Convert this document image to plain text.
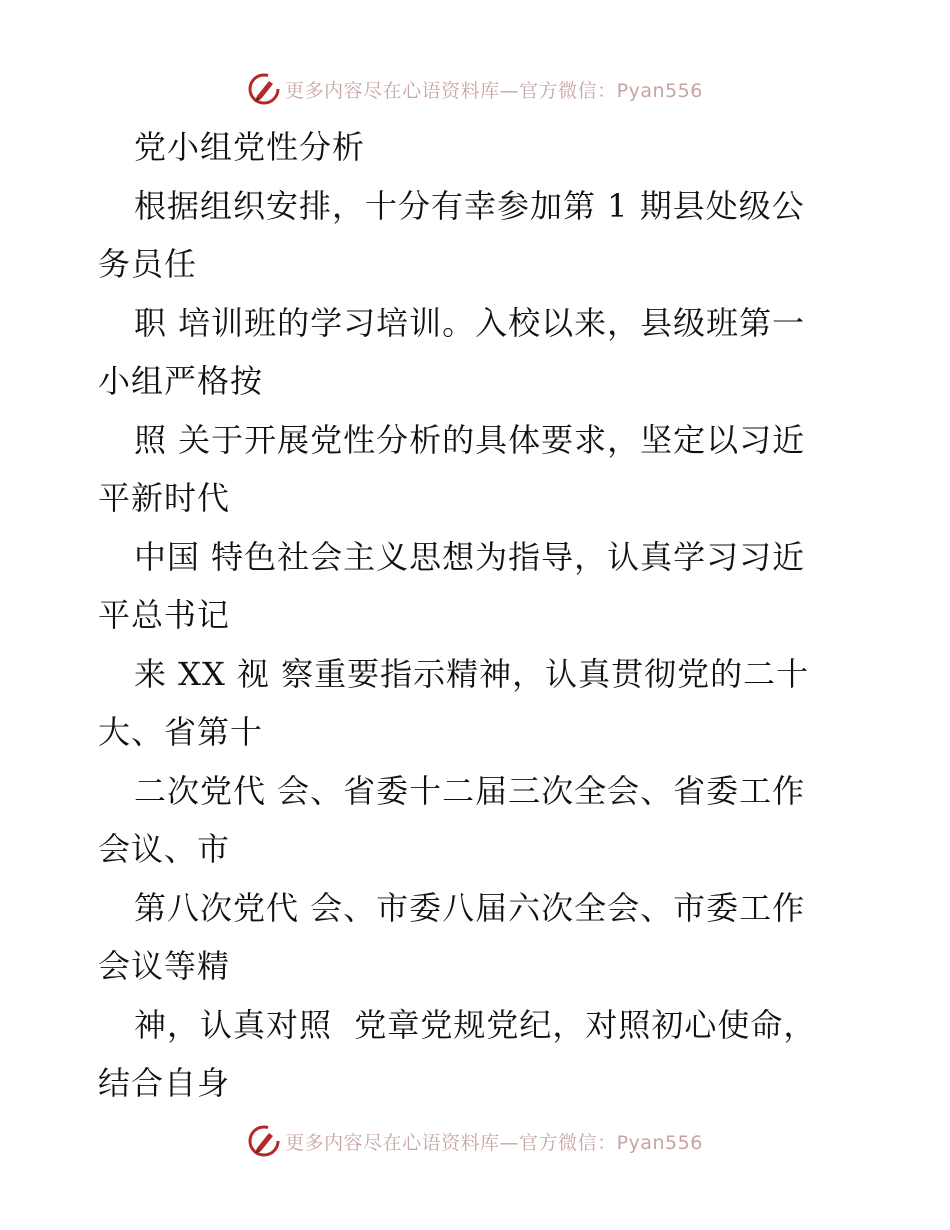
更多内容尽在心语资料库—官方微信：Pyan556
党小组党性分析
根据组织安排，十分有幸参加第 1 期县处级公
务员任
职 培训班的学习培训。入校以来，县级班第一
小组严格按
照 关于开展党性分析的具体要求，坚定以习近
平新时代
中国 特色社会主义思想为指导，认真学习习近
平总书记
来 XX 视 察重要指示精神，认真贯彻党的二十
大、省第十
二次党代 会、省委十二届三次全会、省委工作
会议、市
第八次党代 会、市委八届六次全会、市委工作
会议等精
神，认真对照  党章党规党纪，对照初心使命，
结合自身
更多内容尽在心语资料库—官方微信：Pyan556
